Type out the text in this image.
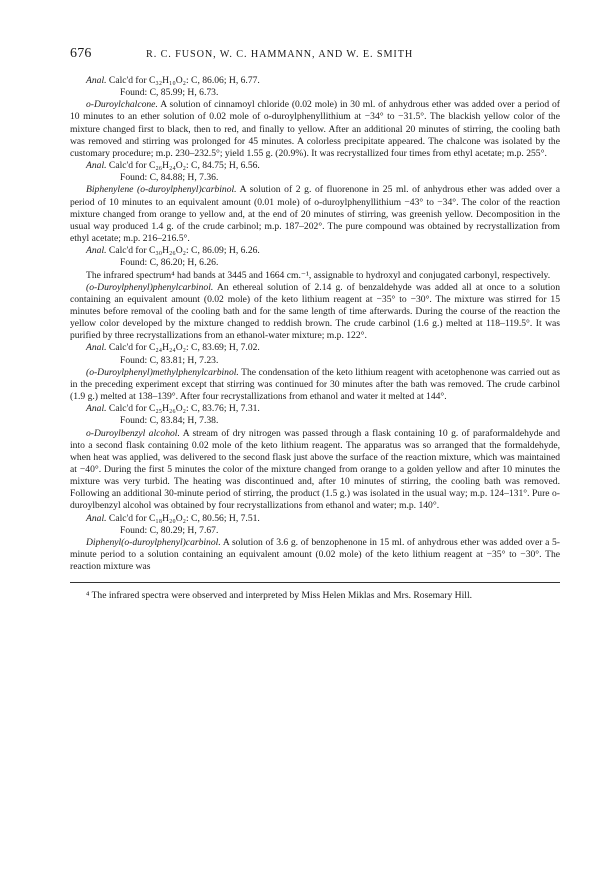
676	R. C. FUSON, W. C. HAMMANN, AND W. E. SMITH

Anal. Calc'd for C₃₂H₁₀O₂: C, 86.06; H, 6.77.

Found: C, 85.99; H, 6.73.

o-Duroylchalcone. A solution of cinnamoyl chloride (0.02 mole) in 30 ml. of anhydrous ether was added over a period of 10 minutes to an ether solution of 0.02 mole of o-duroylphenyllithium at −34° to −31.5°. The blackish yellow color of the mixture changed first to black, then to red, and finally to yellow. After an additional 20 minutes of stirring, the cooling bath was removed and stirring was prolonged for 45 minutes. A colorless precipitate appeared. The chalcone was isolated by the customary procedure; m.p. 230–232.5°; yield 1.55 g. (20.9%). It was recrystallized four times from ethyl acetate; m.p. 255°.

Anal. Calc'd for C₂₆H₂₄O₂: C, 84.75; H, 6.56.

Found: C, 84.88; H, 7.36.

Biphenylene (o-duroylphenyl)carbinol. A solution of 2 g. of fluorenone in 25 ml. of anhydrous ether was added over a period of 10 minutes to an equivalent amount (0.01 mole) of o-duroylphenyllithium −43° to −34°. The color of the reaction mixture changed from orange to yellow and, at the end of 20 minutes of stirring, was greenish yellow. Decomposition in the usual way produced 1.4 g. of the crude carbinol; m.p. 187–202°. The pure compound was obtained by recrystallization from ethyl acetate; m.p. 216–216.5°.

Anal. Calc'd for C₃₀H₂₆O₂: C, 86.09; H, 6.26.

Found: C, 86.20; H, 6.26.

The infrared spectrum⁴ had bands at 3445 and 1664 cm.⁻¹, assignable to hydroxyl and conjugated carbonyl, respectively.

(o-Duroylphenyl)phenylcarbinol. An ethereal solution of 2.14 g. of benzaldehyde was added all at once to a solution containing an equivalent amount (0.02 mole) of the keto lithium reagent at −35° to −30°. The mixture was stirred for 15 minutes before removal of the cooling bath and for the same length of time afterwards. During the course of the reaction the yellow color developed by the mixture changed to reddish brown. The crude carbinol (1.6 g.) melted at 118–119.5°. It was purified by three recrystallizations from an ethanol-water mixture; m.p. 122°.

Anal. Calc'd for C₂₄H₂₄O₂: C, 83.69; H, 7.02.

Found: C, 83.81; H, 7.23.

(o-Duroylphenyl)methylphenylcarbinol. The condensation of the keto lithium reagent with acetophenone was carried out as in the preceding experiment except that stirring was continued for 30 minutes after the bath was removed. The crude carbinol (1.9 g.) melted at 138–139°. After four recrystallizations from ethanol and water it melted at 144°.

Anal. Calc'd for C₂₅H₂₆O₂: C, 83.76; H, 7.31.

Found: C, 83.84; H, 7.38.

o-Duroylbenzyl alcohol. A stream of dry nitrogen was passed through a flask containing 10 g. of paraformaldehyde and into a second flask containing 0.02 mole of the keto lithium reagent. The apparatus was so arranged that the formaldehyde, when heat was applied, was delivered to the second flask just above the surface of the reaction mixture, which was maintained at −40°. During the first 5 minutes the color of the mixture changed from orange to a golden yellow and after 10 minutes the mixture was very turbid. The heating was discontinued and, after 10 minutes of stirring, the cooling bath was removed. Following an additional 30-minute period of stirring, the product (1.5 g.) was isolated in the usual way; m.p. 124–131°. Pure o-duroylbenzyl alcohol was obtained by four recrystallizations from ethanol and water; m.p. 140°.

Anal. Calc'd for C₁₈H₂₀O₂: C, 80.56; H, 7.51.

Found: C, 80.29; H, 7.67.

Diphenyl(o-duroylphenyl)carbinol. A solution of 3.6 g. of benzophenone in 15 ml. of anhydrous ether was added over a 5-minute period to a solution containing an equivalent amount (0.02 mole) of the keto lithium reagent at −35° to −30°. The reaction mixture was

⁴ The infrared spectra were observed and interpreted by Miss Helen Miklas and Mrs. Rosemary Hill.
